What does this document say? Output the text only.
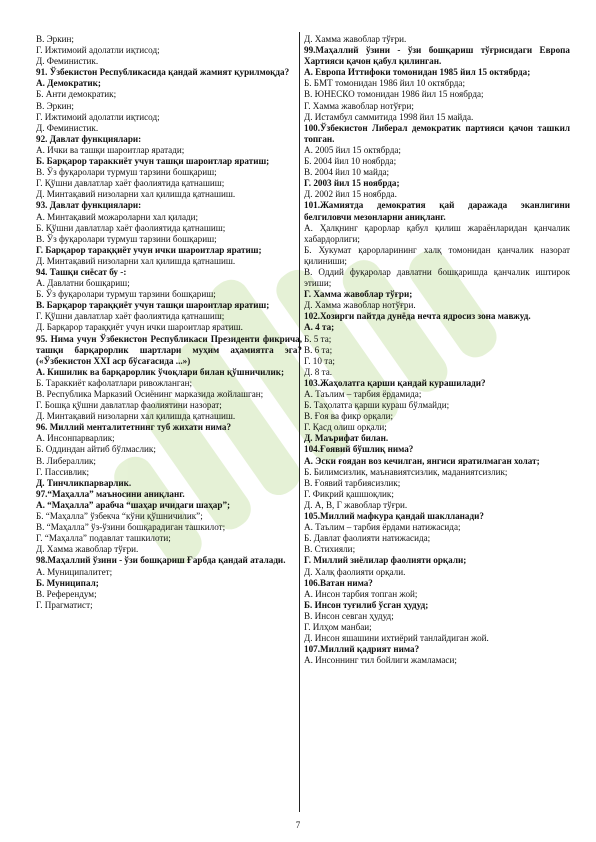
В. Эркин;

Г. Ижтимоий адолатли иқтисод;

Д. Феминистик.

91. Ўзбекистон Республикасида қандай жамият қурилмоқда?

А. Демократик;

Б. Анти демократик;

В. Эркин;

Г. Ижтимоий адолатли иқтисод;

Д. Феминистик.

92. Давлат функциялари:

А. Ички ва ташқи шароитлар яратади;

Б. Барқарор тараккиёт учун ташқи шароитлар яратиш;

В. Ўз фуқаролари турмуш тарзини бошқариш;

Г. Қўшни давлатлар хаёт фаолиятида қатнашиш;

Д. Минтақавий низоларни хал қилишда қатнашиш.

93. Давлат функциялари:

А. Минтақавий можароларни хал қилади;

Б. Қўшни давлатлар хаёт фаолиятида қатнашиш;

В. Ўз фуқаролари турмуш тарзини бошқариш;

Г. Барқарор тараққиёт учун ички шароитлар яратиш;

Д. Минтақавий низоларни хал қилишда қатнашиш.

94. Ташқи сиёсат бу -:

А. Давлатни бошқариш;

Б. Ўз фуқаролари турмуш тарзини бошқариш;

В. Барқарор тараққиёт учун ташқи шароитлар яратиш;

Г. Қўшни давлатлар хаёт фаолиятида қатнашиш;

Д. Барқарор тараққиёт учун ички шароитлар яратиш.

95. Нима учун Ўзбекистон Республикаси Президенти фикрича, ташқи барқарорлик шартлари муҳим аҳамиятга эга?(«Ўзбекистон XXI аср бўсағасида ...»)

А. Кишилик ва барқарорлик ўчоқлари билан қўшничилик;

Б. Тараккиёт кафолатлари ривожланган;

В. Республика Марказий Осиёнинг марказида жойлашган;

Г. Бошқа қўшни давлатлар фаолиятини назорат;

Д. Минтақавий низоларни хал қилишда қатнашиш.

96. Миллий менталитетнинг туб жихати нима?

А. Инсонпарварлик;

Б. Оддиндан айтиб бўлмаслик;

В. Либераллик;

Г. Пассивлик;

Д. Тинчликпарварлик.

97.“Маҳалла” маъносини аниқланг.

А. “Маҳалла” арабча “шаҳар ичидаги шаҳар”;

Б. “Маҳалла” ўзбекча “кўни қўшничилик”;

В. “Маҳалла” ўз-ўзини бошқарадиган ташкилот;

Г. “Маҳалла” подавлат ташкилоти;

Д. Хамма жавоблар тўғри.

98.Маҳаллий ўзини - ўзи бошқариш Ғарбда қандай аталади.

А. Муниципалитет;

Б. Муниципал;

В. Референдум;

Г. Прагматист;

Д. Хамма жавоблар тўғри.

99.Маҳаллий ўзини - ўзи бошқариш тўғрисидаги Европа Хартияси қачон қабул қилинган.

А. Европа Иттифоки томонидан 1985 йил 15 октябрда;

Б. БМТ томонидан 1986 йил 10 октябрда;

В. ЮНЕСКО томонидан 1986 йил 15 ноябрда;

Г. Хамма жавоблар нотўғри;

Д. Истамбул саммитида 1998 йил 15 майда.

100.Ўзбекистон Либерал демократик партияси қачон ташкил топган.

А. 2005 йил 15 октябрда;

Б. 2004 йил 10 ноябрда;

В. 2004 йил 10 майда;

Г. 2003 йил 15 ноябрда;

Д. 2002 йил 15 ноябрда.

101.Жамиятда демократия қай даражада эканлигини белгиловчи мезонларни аниқланг.

А. Ҳалқнинг қарорлар қабул қилиш жараёнларидан қанчалик хабардорлиги;

Б. Хукумат қарорларининг халқ томонидан қанчалик назорат қилиниши;

В. Оддий фуқаролар давлатни бошқаришда қанчалик иштирок этиши;

Г. Хамма жавоблар тўғри;

Д. Хамма жавоблар нотўғри.

102.Хозирги пайтда дунёда нечта ядросиз зона мавжуд.

А. 4 та;

Б. 5 та;

В. 6 та;

Г. 10 та;

Д. 8 та.

103.Жаҳолатга қарши қандай курашилади?

А. Таълим – тарбия ёрдамида;

Б. Таҳолатга қарши кураш бўлмайди;

В. Ғоя ва фикр орқали;

Г. Қасд олиш орқали;

Д. Маърифат билан.

104.Ғоявий бўшлиқ нима?

А. Эски ғоядан воз кечилган, янгиси яратилмаган холат;

Б. Билимсизлик, маънавиятсизлик, маданиятсизлик;

В. Ғоявий тарбиясизлик;

Г. Фикрий қашшоқлик;

Д. А, В, Г жавоблар тўғри.

105.Миллий мафкура қандай шаклланади?

А. Таълим – тарбия ёрдами натижасида;

Б. Давлат фаолияти натижасида;

В. Стихияли;

Г. Миллий зиёлилар фаолияти орқали;

Д. Халқ фаолияти орқали.

106.Ватан нима?

А. Инсон тарбия топган жой;

Б. Инсон туғилиб ўсган ҳудуд;

В. Инсон севган ҳудуд;

Г. Илҳом манбаи;

Д. Инсон яшашини ихтиёрий танлайдиган жой.

107.Миллий қадрият нима?

А. Инсоннинг тил бойлиги жамламаси;

7
